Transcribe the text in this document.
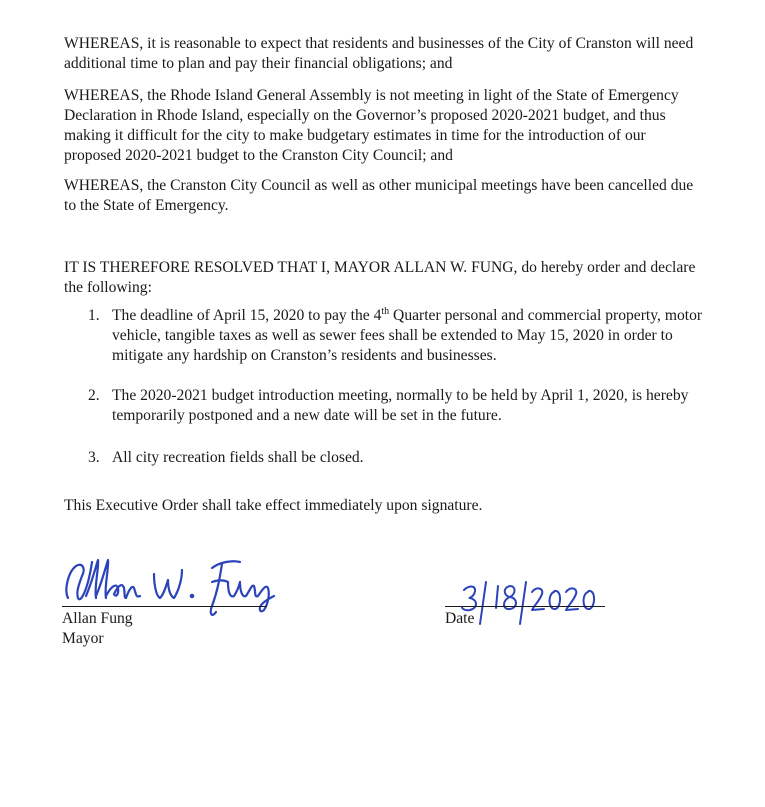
WHEREAS, it is reasonable to expect that residents and businesses of the City of Cranston will need additional time to plan and pay their financial obligations; and

WHEREAS, the Rhode Island General Assembly is not meeting in light of the State of Emergency Declaration in Rhode Island, especially on the Governor’s proposed 2020-2021 budget, and thus making it difficult for the city to make budgetary estimates in time for the introduction of our proposed 2020-2021 budget to the Cranston City Council; and

WHEREAS, the Cranston City Council as well as other municipal meetings have been cancelled due to the State of Emergency.

IT IS THEREFORE RESOLVED THAT I, MAYOR ALLAN W. FUNG, do hereby order and declare the following:

1. The deadline of April 15, 2020 to pay the 4th Quarter personal and commercial property, motor vehicle, tangible taxes as well as sewer fees shall be extended to May 15, 2020 in order to mitigate any hardship on Cranston’s residents and businesses.
2. The 2020-2021 budget introduction meeting, normally to be held by April 1, 2020, is hereby temporarily postponed and a new date will be set in the future.
3. All city recreation fields shall be closed.

This Executive Order shall take effect immediately upon signature.

Allan Fung
Mayor
Date
